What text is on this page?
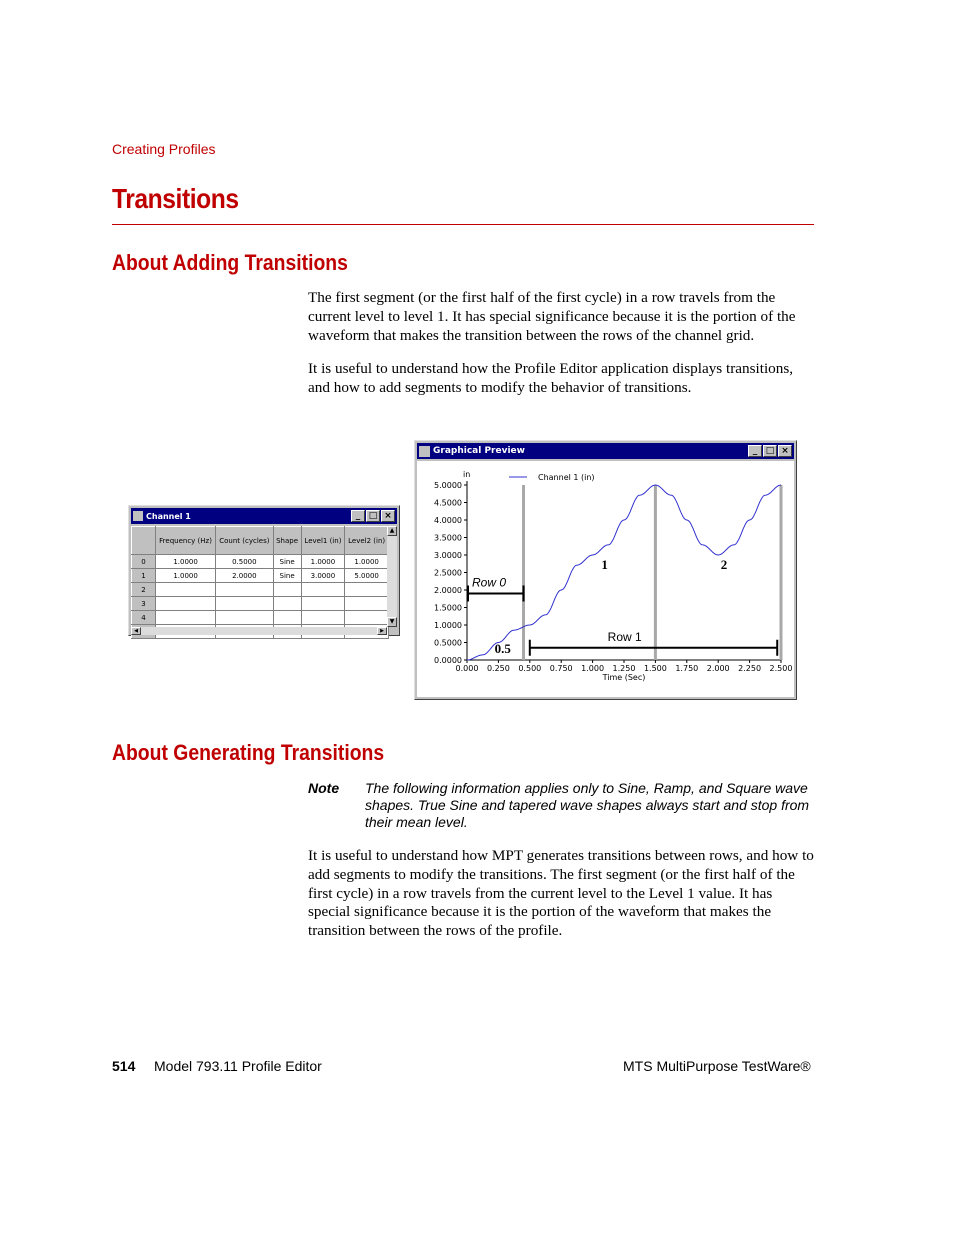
Creating Profiles
Transitions
About Adding Transitions

The first segment (or the first half of the first cycle) in a row travels from the current level to level 1. It has special significance because it is the portion of the waveform that makes the transition between the rows of the channel grid.

It is useful to understand how the Profile Editor application displays transitions, and how to add segments to modify the behavior of transitions.

Channel 1	_ □ ×
	Frequency (Hz)	Count (cycles)	Shape	Level1 (in)	Level2 (in)
0	1.0000	0.5000	Sine	1.0000	1.0000
1	1.0000	2.0000	Sine	3.0000	5.0000
2					
3					
4					

▲
▼
◀	▶
Graphical Preview	_ □ ×
0.0000
0.5000
1.0000
1.5000
2.0000
2.5000
3.0000
3.5000
4.0000
4.5000
5.0000
0.000 0.250 0.500 0.750 1.000 1.250 1.500 1.750 2.000 2.250 2.500
in
Time (Sec)
Channel 1 (in)
Row 0
Row 1
0.5
1	2
About Generating Transitions
Note The following information applies only to Sine, Ramp, and Square wave shapes. True Sine and tapered wave shapes always start and stop from their mean level.

It is useful to understand how MPT generates transitions between rows, and how to add segments to modify the transitions. The first segment (or the first half of the first cycle) in a row travels from the current level to the Level 1 value. It has special significance because it is the portion of the waveform that makes the transition between the rows of the profile.

514 Model 793.11 Profile Editor	MTS MultiPurpose TestWare®
